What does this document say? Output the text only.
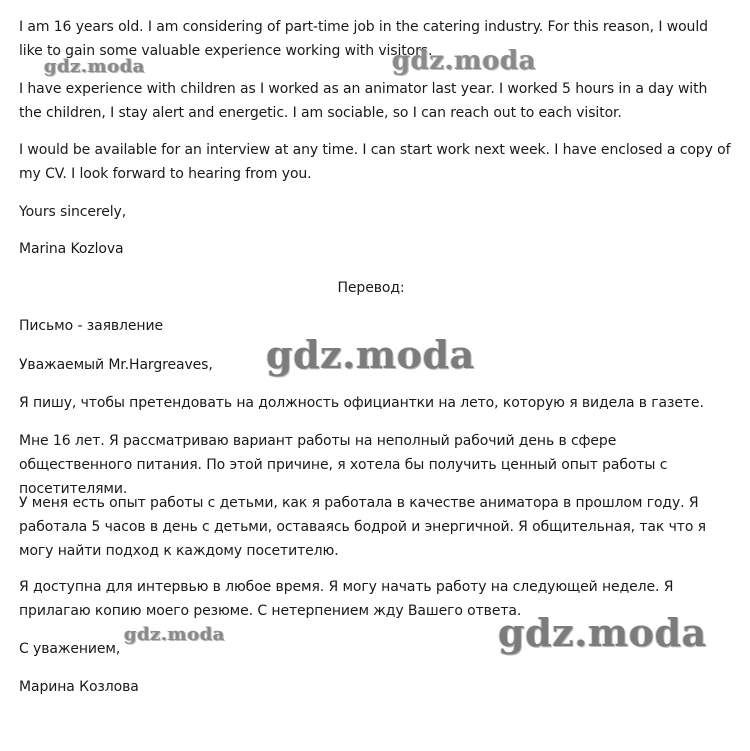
I am 16 years old. I am considering of part-time job in the catering industry. For this reason, I would like to gain some valuable experience working with visitors.

I have experience with children as I worked as an animator last year. I worked 5 hours in a day with the children, I stay alert and energetic. I am sociable, so I can reach out to each visitor.

I would be available for an interview at any time. I can start work next week. I have enclosed a copy of my CV. I look forward to hearing from you.

Yours sincerely,

Marina Kozlova

Перевод:

Письмо - заявление

Уважаемый Mr.Hargreaves,

Я пишу, чтобы претендовать на должность официантки на лето, которую я видела в газете.

Мне 16 лет. Я рассматриваю вариант работы на неполный рабочий день в сфере общественного питания. По этой причине, я хотела бы получить ценный опыт работы с посетителями.

У меня есть опыт работы с детьми, как я работала в качестве аниматора в прошлом году. Я работала 5 часов в день с детьми, оставаясь бодрой и энергичной. Я общительная, так что я могу найти подход к каждому посетителю.

Я доступна для интервью в любое время. Я могу начать работу на следующей неделе. Я прилагаю копию моего резюме. С нетерпением жду Вашего ответа.

С уважением,

Марина Козлова

gdz.moda	gdz.moda
gdz.moda
gdz.moda	gdz.moda
